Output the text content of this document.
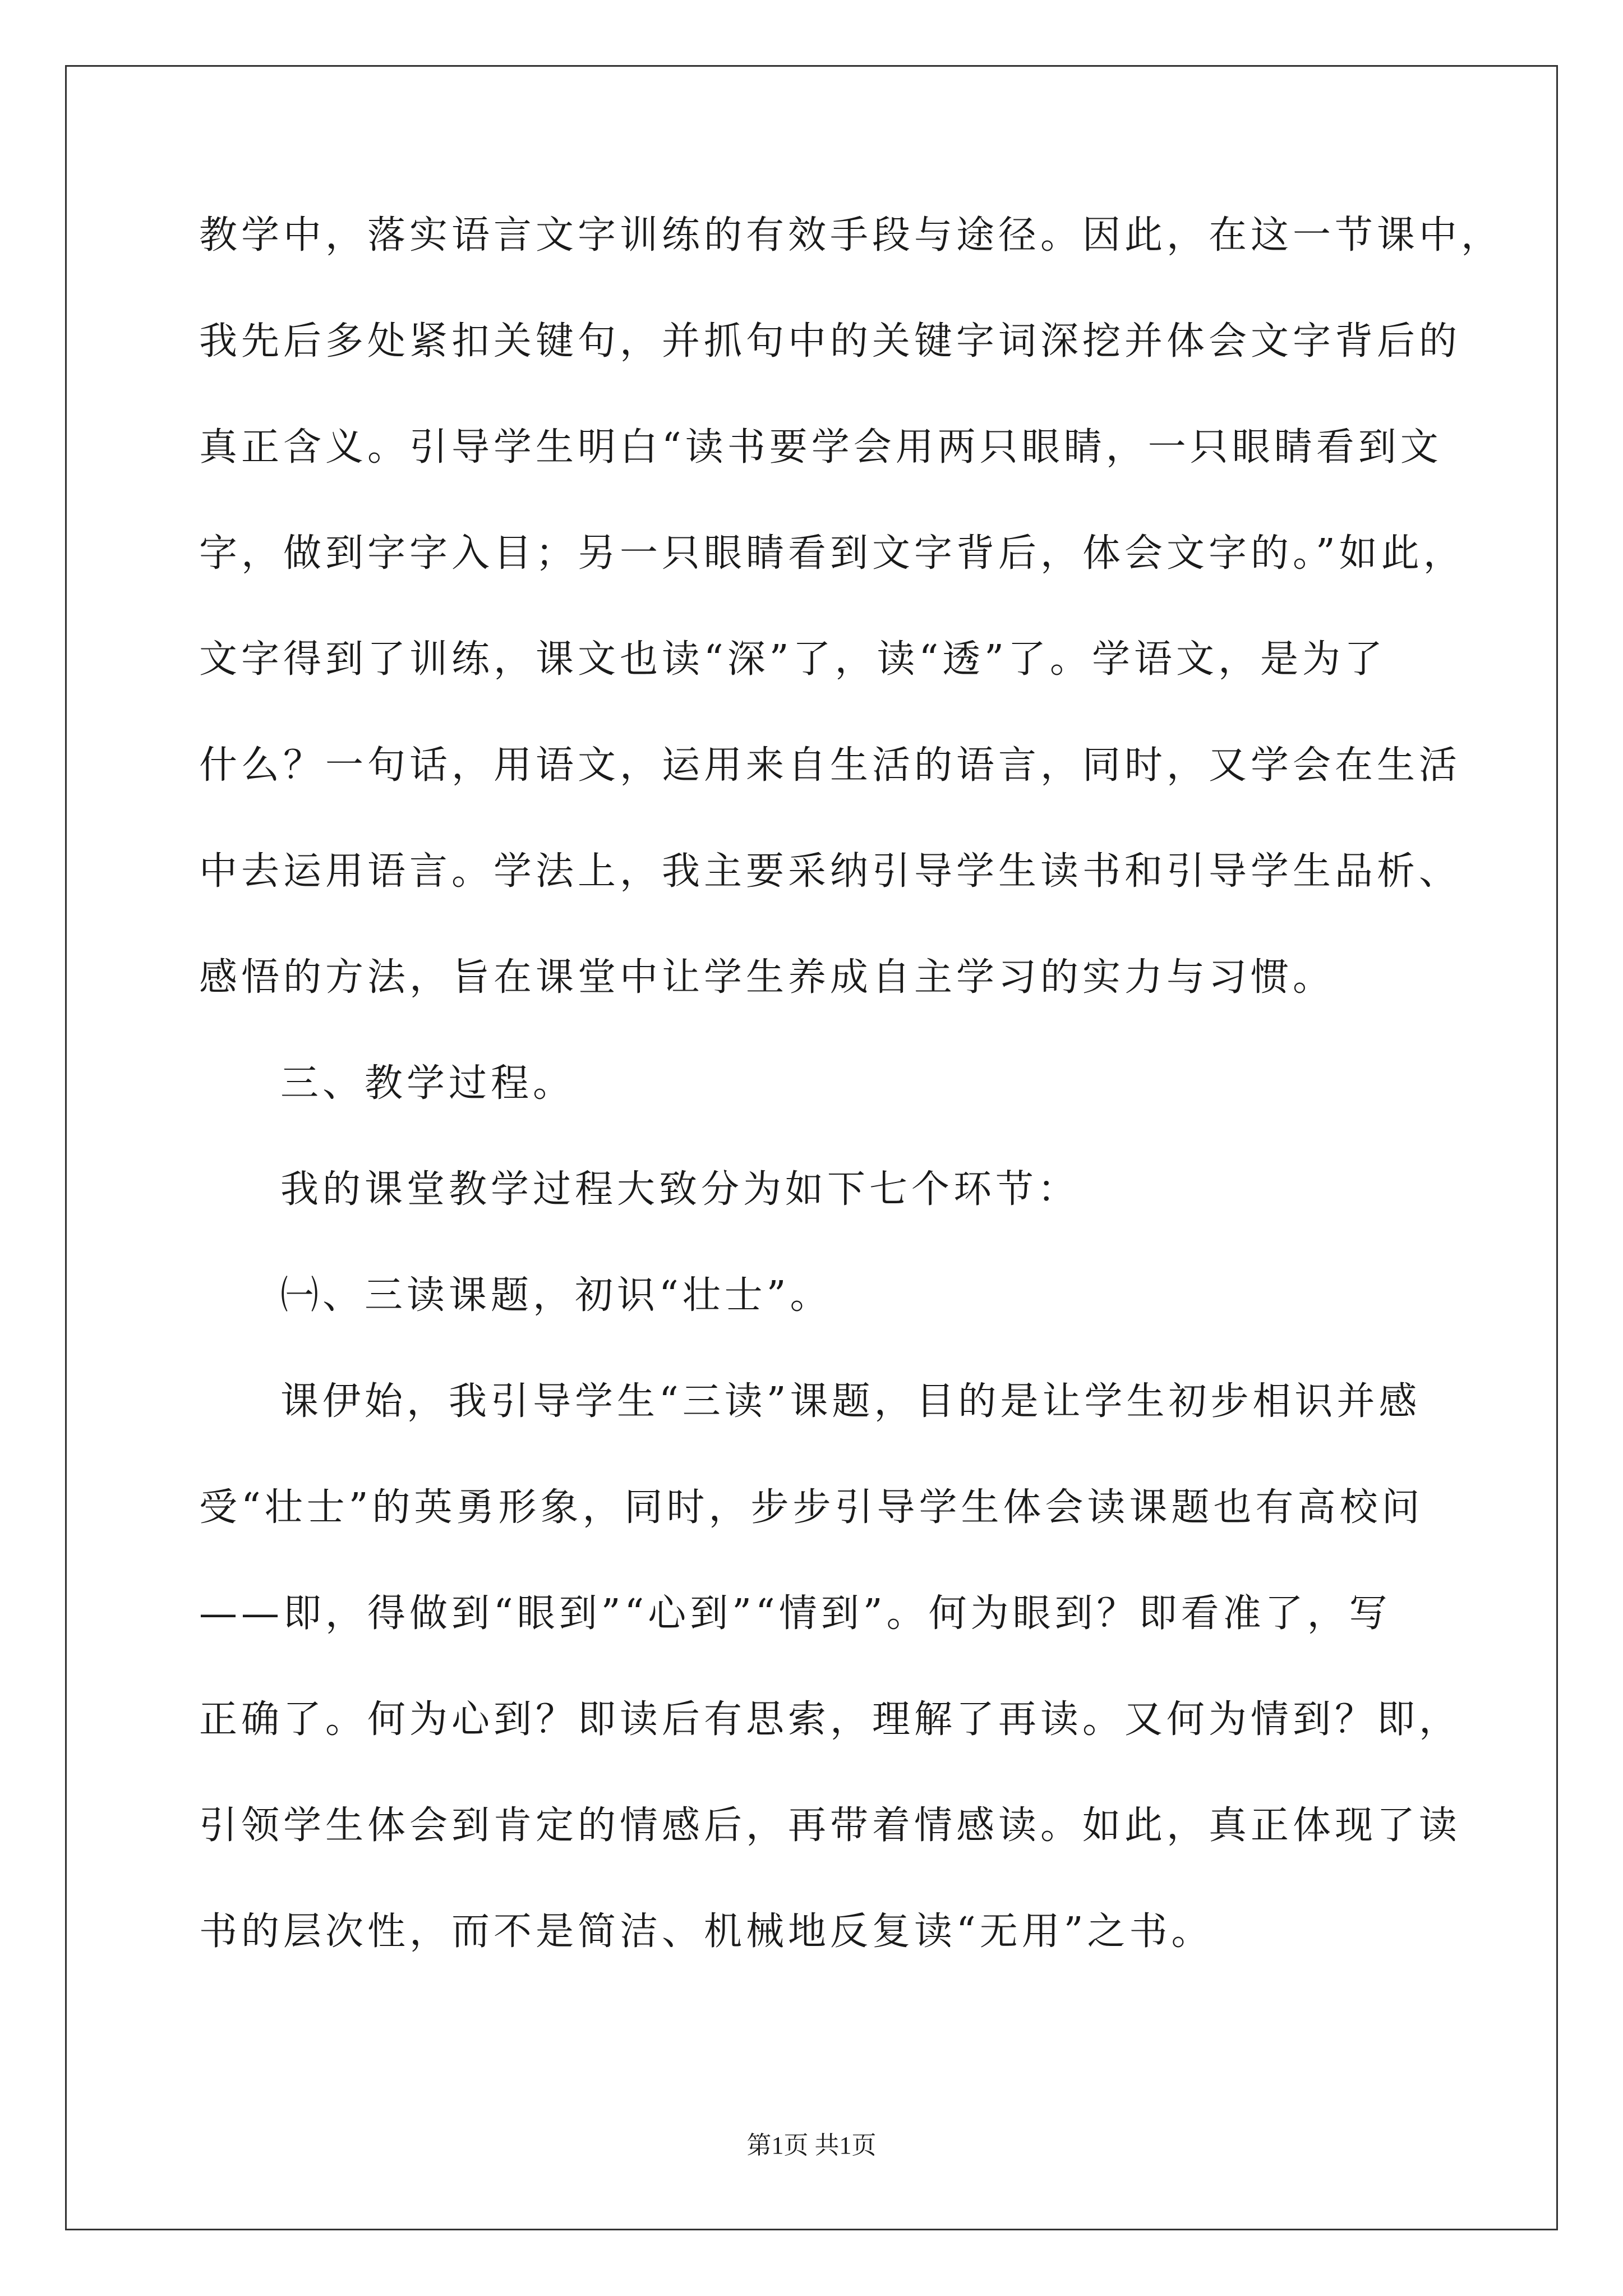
教学中，落实语言文字训练的有效手段与途径。因此，在这一节课中，
我先后多处紧扣关键句，并抓句中的关键字词深挖并体会文字背后的
真正含义。引导学生明白“读书要学会用两只眼睛，一只眼睛看到文
字，做到字字入目；另一只眼睛看到文字背后，体会文字的。”如此，
文字得到了训练，课文也读“深”了，读“透”了。学语文，是为了
什么？一句话，用语文，运用来自生活的语言，同时，又学会在生活
中去运用语言。学法上，我主要采纳引导学生读书和引导学生品析、
感悟的方法，旨在课堂中让学生养成自主学习的实力与习惯。
三、教学过程。
我的课堂教学过程大致分为如下七个环节：
㈠、三读课题，初识“壮士”。
课伊始，我引导学生“三读”课题，目的是让学生初步相识并感
受“壮士”的英勇形象，同时，步步引导学生体会读课题也有高校问
——即，得做到“眼到”“心到”“情到”。何为眼到？即看准了，写
正确了。何为心到？即读后有思索，理解了再读。又何为情到？即，
引领学生体会到肯定的情感后，再带着情感读。如此，真正体现了读
书的层次性，而不是简洁、机械地反复读“无用”之书。
第1页 共1页
